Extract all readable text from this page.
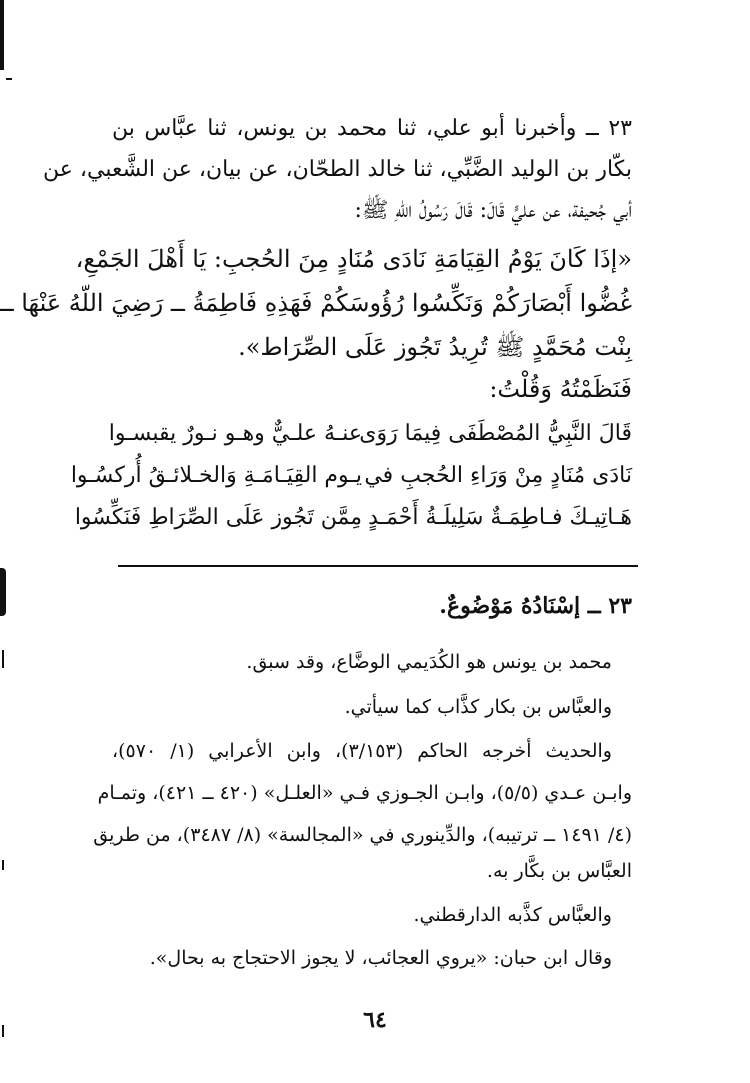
٢٣ ــ وأخبرنا أبو علي، ثنا محمد بن يونس، ثنا عبَّاس بن
بكّار بن الوليد الضَّبِّي، ثنا خالد الطحّان، عن بيان، عن الشَّعبي، عن
أبي جُحيفة، عن عليٍّ قَالَ: قَالَ رَسُولُ اللّهِ ﷺ:
«إذَا كَانَ يَوْمُ القِيَامَةِ نَادَى مُنَادٍ مِنَ الحُجبِ: يَا أَهْلَ الجَمْعِ،
غُضُّوا أَبْصَارَكُمْ وَنَكِّسُوا رُؤُوسَكُمْ فَهَذِهِ فَاطِمَةُ ــ رَضِيَ اللّهُ عَنْهَا ــ
بِنْت مُحَمَّدٍ ﷺ تُرِيدُ تَجُوز عَلَى الصِّرَاط».
فَنَظَمْتُهُ وَقُلْتُ:
قَالَ النَّبِيُّ المُصْطَفَى فِيمَا رَوَى
عنـهُ علـيٌّ وهـو نـورٌ يقبسـوا
نَادَى مُنَادٍ مِنْ وَرَاءِ الحُجبِ في
يـوم القِيَـامَـةِ وَالخـلائـقُ أُركسُـوا
هَـاتِيـكَ فـاطِمَـةٌ سَلِيلَـةُ أَحْمَـدٍ
مِمَّن تَجُوز عَلَى الصِّرَاطِ فَنَكِّسُوا
٢٣ ــ إسْنَادُهُ مَوْضُوعٌ.
محمد بن يونس هو الكُدَيمي الوضَّاع، وقد سبق.
والعبَّاس بن بكار كذَّاب كما سيأتي.
والحديث أخرجه الحاكم (٣/١٥٣)، وابن الأعرابي (١/ ٥٧٠)،
وابـن عـدي (٥/٥)، وابـن الجـوزي فـي «العلـل» (٤٢٠ ــ ٤٢١)، وتمـام
(٤/ ١٤٩١ ــ ترتيبه)، والدِّينوري في «المجالسة» (٨/ ٣٤٨٧)، من طريق
العبَّاس بن بكَّار به.
والعبَّاس كذَّبه الدارقطني.
وقال ابن حبان: «يروي العجائب، لا يجوز الاحتجاج به بحال».
٦٤
